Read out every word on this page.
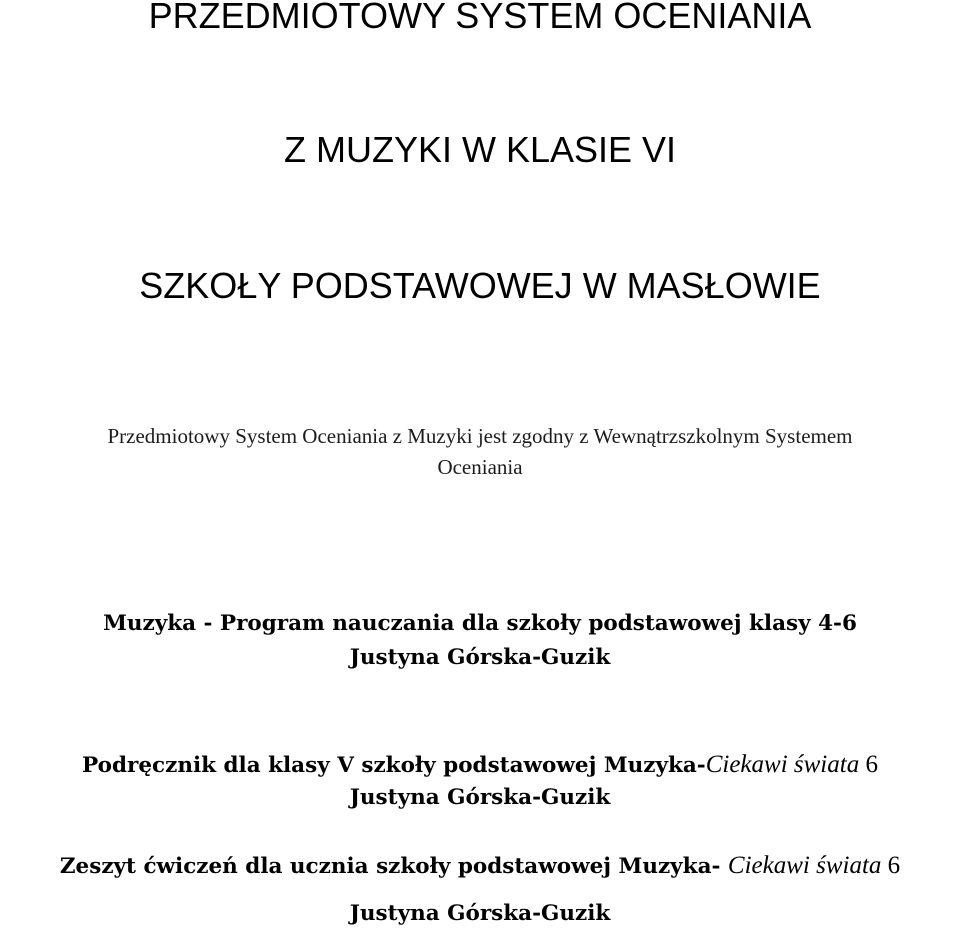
PRZEDMIOTOWY SYSTEM OCENIANIA
Z MUZYKI W KLASIE VI
SZKOŁY PODSTAWOWEJ W MASŁOWIE

Przedmiotowy System Oceniania z Muzyki jest zgodny z Wewnątrzszkolnym Systemem

Oceniania

Muzyka - Program nauczania dla szkoły podstawowej klasy 4-6

Justyna Górska-Guzik

Podręcznik dla klasy V szkoły podstawowej Muzyka-Ciekawi świata 6

Justyna Górska-Guzik

Zeszyt ćwiczeń dla ucznia szkoły podstawowej Muzyka- Ciekawi świata 6

Justyna Górska-Guzik
